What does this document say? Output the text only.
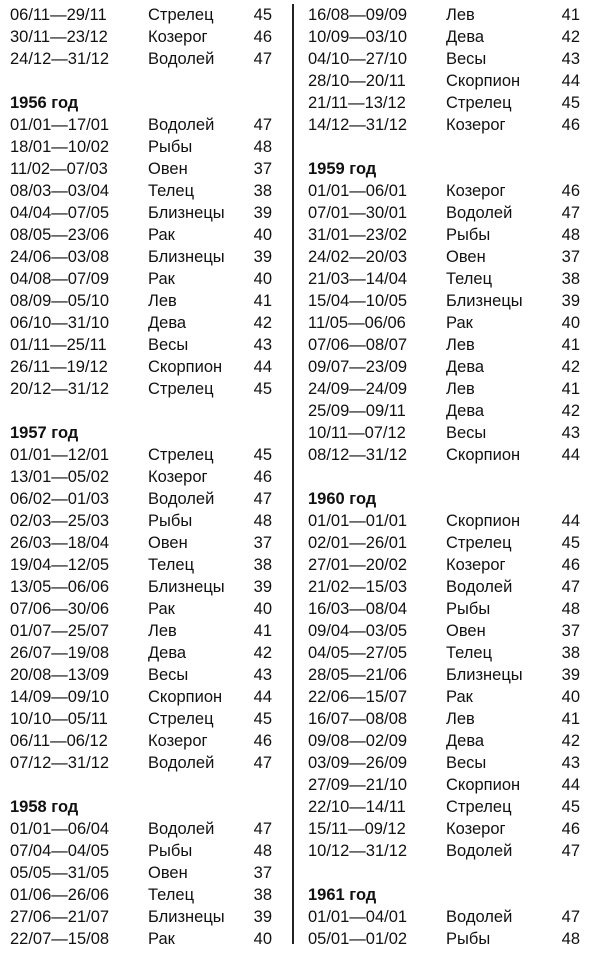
06/11—29/11	Стрелец 45
30/11—23/12 Козерог	46
24/12—31/12 Водолей 47
1956 год
01/01—17/01 Водолей 47
18/01—10/02 Рыбы	48
11/02—07/03 Овен	37
08/03—03/04 Телец	38
04/04—07/05 Близнецы 39
08/05—23/06 Рак	40
24/06—03/08 Близнецы 39
04/08—07/09 Рак	40
08/09—05/10 Лев	41
06/10—31/10 Дева	42
01/11—25/11	Весы	43
26/11—19/12 Скорпион 44
20/12—31/12 Стрелец 45
1957 год
01/01—12/01 Стрелец 45
13/01—05/02 Козерог	46
06/02—01/03 Водолей 47
02/03—25/03 Рыбы	48
26/03—18/04 Овен	37
19/04—12/05 Телец	38
13/05—06/06 Близнецы 39
07/06—30/06 Рак	40
01/07—25/07 Лев	41
26/07—19/08 Дева	42
20/08—13/09 Весы	43
14/09—09/10 Скорпион 44
10/10—05/11 Стрелец 45
06/11—06/12 Козерог	46
07/12—31/12 Водолей 47
1958 год
01/01—06/04 Водолей 47
07/04—04/05 Рыбы	48
05/05—31/05 Овен	37
01/06—26/06 Телец	38
27/06—21/07 Близнецы 39
22/07—15/08 Рак	40
16/08—09/09 Лев	41
10/09—03/10 Дева	42
04/10—27/10 Весы	43
28/10—20/11 Скорпион	44
21/11—13/12 Стрелец	45
14/12—31/12 Козерог	46
1959 год
01/01—06/01 Козерог	46
07/01—30/01 Водолей	47
31/01—23/02 Рыбы	48
24/02—20/03 Овен	37
21/03—14/04 Телец	38
15/04—10/05 Близнецы 39
11/05—06/06 Рак	40
07/06—08/07 Лев	41
09/07—23/09 Дева	42
24/09—24/09 Лев	41
25/09—09/11 Дева	42
10/11—07/12 Весы	43
08/12—31/12 Скорпион	44
1960 год
01/01—01/01 Скорпион	44
02/01—26/01 Стрелец	45
27/01—20/02 Козерог	46
21/02—15/03 Водолей	47
16/03—08/04 Рыбы	48
09/04—03/05 Овен	37
04/05—27/05 Телец	38
28/05—21/06 Близнецы 39
22/06—15/07 Рак	40
16/07—08/08 Лев	41
09/08—02/09 Дева	42
03/09—26/09 Весы	43
27/09—21/10 Скорпион	44
22/10—14/11 Стрелец	45
15/11—09/12 Козерог	46
10/12—31/12 Водолей	47
1961 год
01/01—04/01 Водолей	47
05/01—01/02 Рыбы	48
